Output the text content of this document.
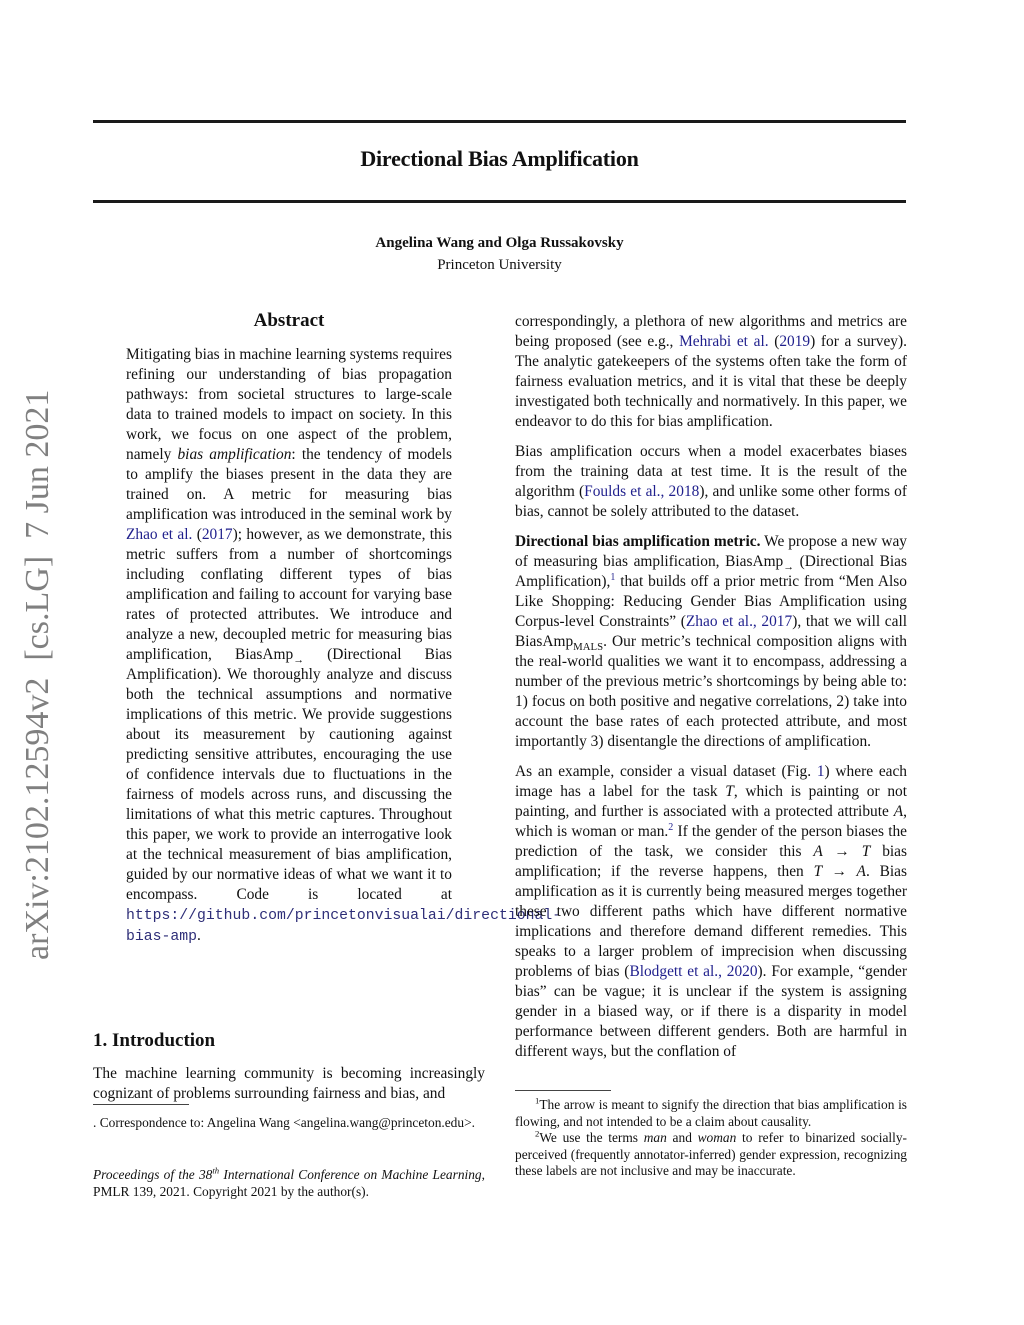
Directional Bias Amplification
Angelina Wang and Olga Russakovsky
Princeton University
arXiv:2102.12594v2  [cs.LG]  7 Jun 2021
Abstract
Mitigating bias in machine learning systems requires refining our understanding of bias propagation pathways: from societal structures to large-scale data to trained models to impact on society. In this work, we focus on one aspect of the problem, namely bias amplification: the tendency of models to amplify the biases present in the data they are trained on. A metric for measuring bias amplification was introduced in the seminal work by Zhao et al. (2017); however, as we demonstrate, this metric suffers from a number of shortcomings including conflating different types of bias amplification and failing to account for varying base rates of protected attributes. We introduce and analyze a new, decoupled metric for measuring bias amplification, BiasAmp$_\to$ (Directional Bias Amplification). We thoroughly analyze and discuss both the technical assumptions and normative implications of this metric. We provide suggestions about its measurement by cautioning against predicting sensitive attributes, encouraging the use of confidence intervals due to fluctuations in the fairness of models across runs, and discussing the limitations of what this metric captures. Throughout this paper, we work to provide an interrogative look at the technical measurement of bias amplification, guided by our normative ideas of what we want it to encompass. Code is located at https://github.com/princetonvisualai/directional-bias-amp.
1. Introduction
The machine learning community is becoming increasingly cognizant of problems surrounding fairness and bias, and
. Correspondence to: Angelina Wang <angelina.wang@princeton.edu>.
Proceedings of the 38th International Conference on Machine Learning, PMLR 139, 2021. Copyright 2021 by the author(s).

correspondingly, a plethora of new algorithms and metrics are being proposed (see e.g., Mehrabi et al. (2019) for a survey). The analytic gatekeepers of the systems often take the form of fairness evaluation metrics, and it is vital that these be deeply investigated both technically and normatively. In this paper, we endeavor to do this for bias amplification.

Bias amplification occurs when a model exacerbates biases from the training data at test time. It is the result of the algorithm (Foulds et al., 2018), and unlike some other forms of bias, cannot be solely attributed to the dataset.

Directional bias amplification metric. We propose a new way of measuring bias amplification, BiasAmp$_\to$ (Directional Bias Amplification),$^1$ that builds off a prior metric from “Men Also Like Shopping: Reducing Gender Bias Amplification using Corpus-level Constraints” (Zhao et al., 2017), that we will call BiasAmp$_{MALS}$. Our metric’s technical composition aligns with the real-world qualities we want it to encompass, addressing a number of the previous metric’s shortcomings by being able to: 1) focus on both positive and negative correlations, 2) take into account the base rates of each protected attribute, and most importantly 3) disentangle the directions of amplification.

As an example, consider a visual dataset (Fig. 1) where each image has a label for the task T, which is painting or not painting, and further is associated with a protected attribute A, which is woman or man.$^2$ If the gender of the person biases the prediction of the task, we consider this A → T bias amplification; if the reverse happens, then T → A. Bias amplification as it is currently being measured merges together these two different paths which have different normative implications and therefore demand different remedies. This speaks to a larger problem of imprecision when discussing problems of bias (Blodgett et al., 2020). For example, “gender bias” can be vague; it is unclear if the system is assigning gender in a biased way, or if there is a disparity in model performance between different genders. Both are harmful in different ways, but the conflation of

$^1$The arrow is meant to signify the direction that bias amplification is flowing, and not intended to be a claim about causality.

$^2$We use the terms man and woman to refer to binarized socially-perceived (frequently annotator-inferred) gender expression, recognizing these labels are not inclusive and may be inaccurate.
